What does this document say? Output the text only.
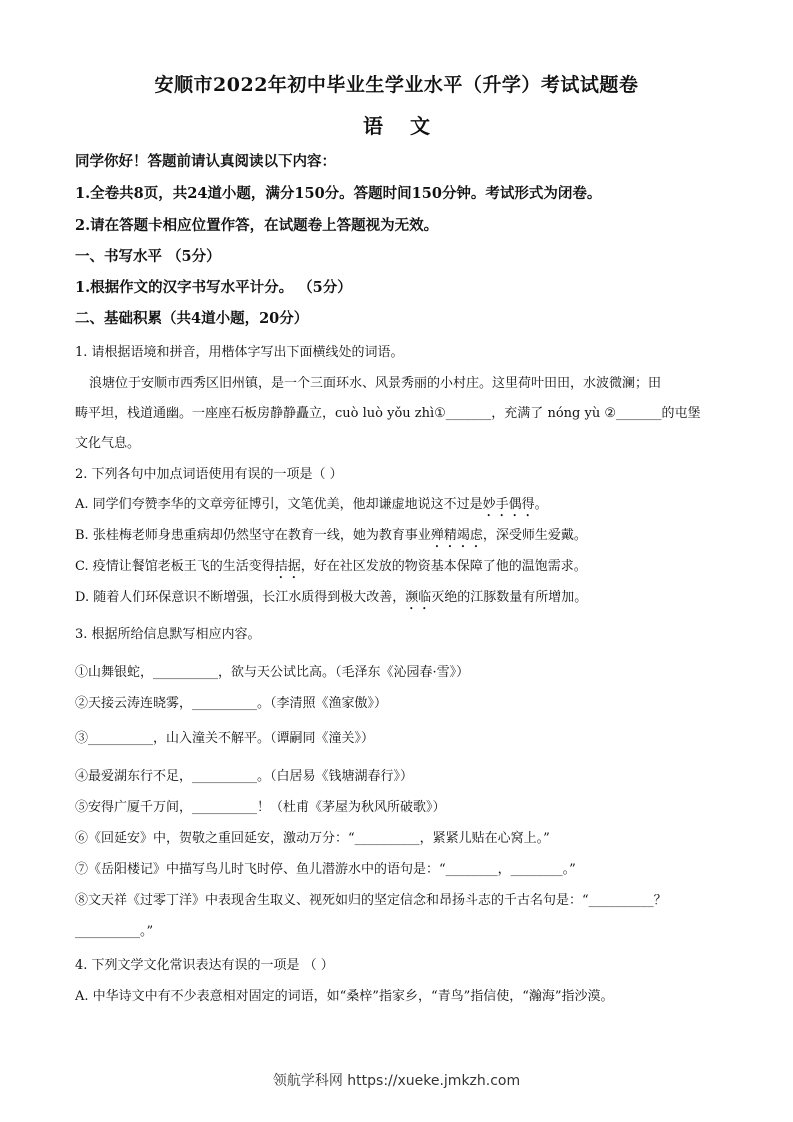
安顺市2022年初中毕业生学业水平（升学）考试试题卷
语 文
同学你好！答题前请认真阅读以下内容：
1.全卷共8页，共24道小题，满分150分。答题时间150分钟。考试形式为闭卷。
2.请在答题卡相应位置作答，在试题卷上答题视为无效。
一、书写水平 （5分）
1.根据作文的汉字书写水平计分。 （5分）
二、基础积累（共4道小题，20分）
1. 请根据语境和拼音，用楷体字写出下面横线处的词语。
浪塘位于安顺市西秀区旧州镇，是一个三面环水、风景秀丽的小村庄。这里荷叶田田，水波微澜；田
畴平坦，栈道通幽。一座座石板房静静矗立，cuò luò yǒu zhì①_______，充满了 nóng yù ②_______的屯堡
文化气息。
2. 下列各句中加点词语使用有误的一项是（ ）
A. 同学们夸赞李华的文章旁征博引，文笔优美，他却谦虚地说这不过是妙手偶得。
B. 张桂梅老师身患重病却仍然坚守在教育一线，她为教育事业殚精竭虑，深受师生爱戴。
C. 疫情让餐馆老板王飞的生活变得拮据，好在社区发放的物资基本保障了他的温饱需求。
D. 随着人们环保意识不断增强，长江水质得到极大改善，濒临灭绝的江豚数量有所增加。
3. 根据所给信息默写相应内容。
①山舞银蛇，__________，欲与天公试比高。（毛泽东《沁园春·雪》）
②天接云涛连晓雾，__________。（李清照《渔家傲》）
③__________，山入潼关不解平。（谭嗣同《潼关》）
④最爱湖东行不足，__________。（白居易《钱塘湖春行》）
⑤安得广厦千万间，__________！（杜甫《茅屋为秋风所破歌》）
⑥《回延安》中，贺敬之重回延安，激动万分：“__________，紧紧儿贴在心窝上。”
⑦《岳阳楼记》中描写鸟儿时飞时停、鱼儿潜游水中的语句是：“________，________。”
⑧文天祥《过零丁洋》中表现舍生取义、视死如归的坚定信念和昂扬斗志的千古名句是：“__________？
__________。”
4. 下列文学文化常识表达有误的一项是 （ ）
A. 中华诗文中有不少表意相对固定的词语，如“桑梓”指家乡，“青鸟”指信使，“瀚海”指沙漠。
领航学科网 https://xueke.jmkzh.com
